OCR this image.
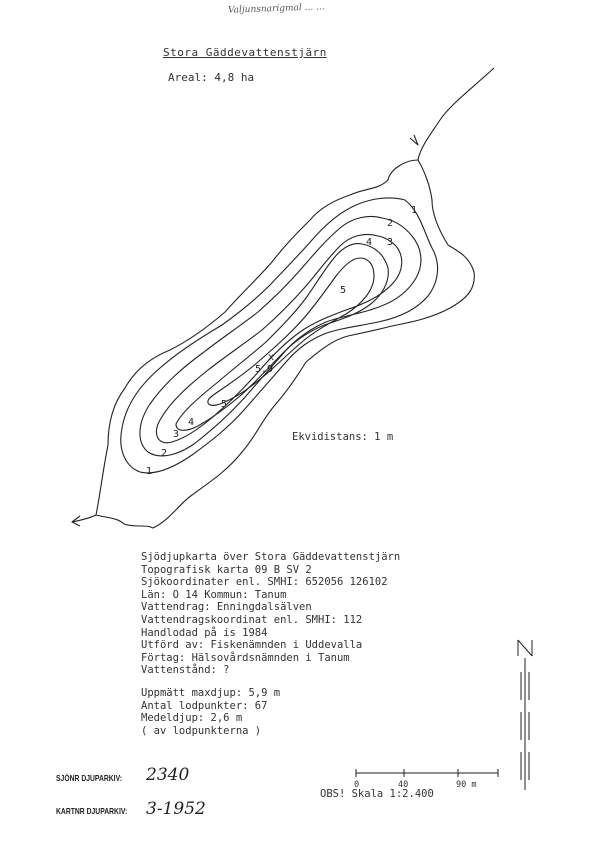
Valjunsnarigmal ... ...
Stora Gäddevattenstjärn
Areal: 4,8 ha
1
2
3
4
5
1
2
3
4
5
x
5,9
Ekvidistans: 1 m
Sjödjupkarta över Stora Gäddevattenstjärn
Topografisk karta 09 B SV 2
Sjökoordinater enl. SMHI: 652056 126102
Län: O 14 Kommun: Tanum
Vattendrag: Enningdalsälven
Vattendragskoordinat enl. SMHI: 112
Handlodad på is 1984
Utförd av: Fiskenämnden i Uddevalla
Förtag: Hälsovårdsnämnden i Tanum
Vattenstånd: ?
Uppmätt maxdjup: 5,9 m
Antal lodpunkter: 67
Medeldjup: 2,6 m
( av lodpunkterna )
SJÖNR DJUPARKIV: 2340
KARTNR DJUPARKIV: 3-1952
0	40	90 m
OBS! Skala 1:2.400
